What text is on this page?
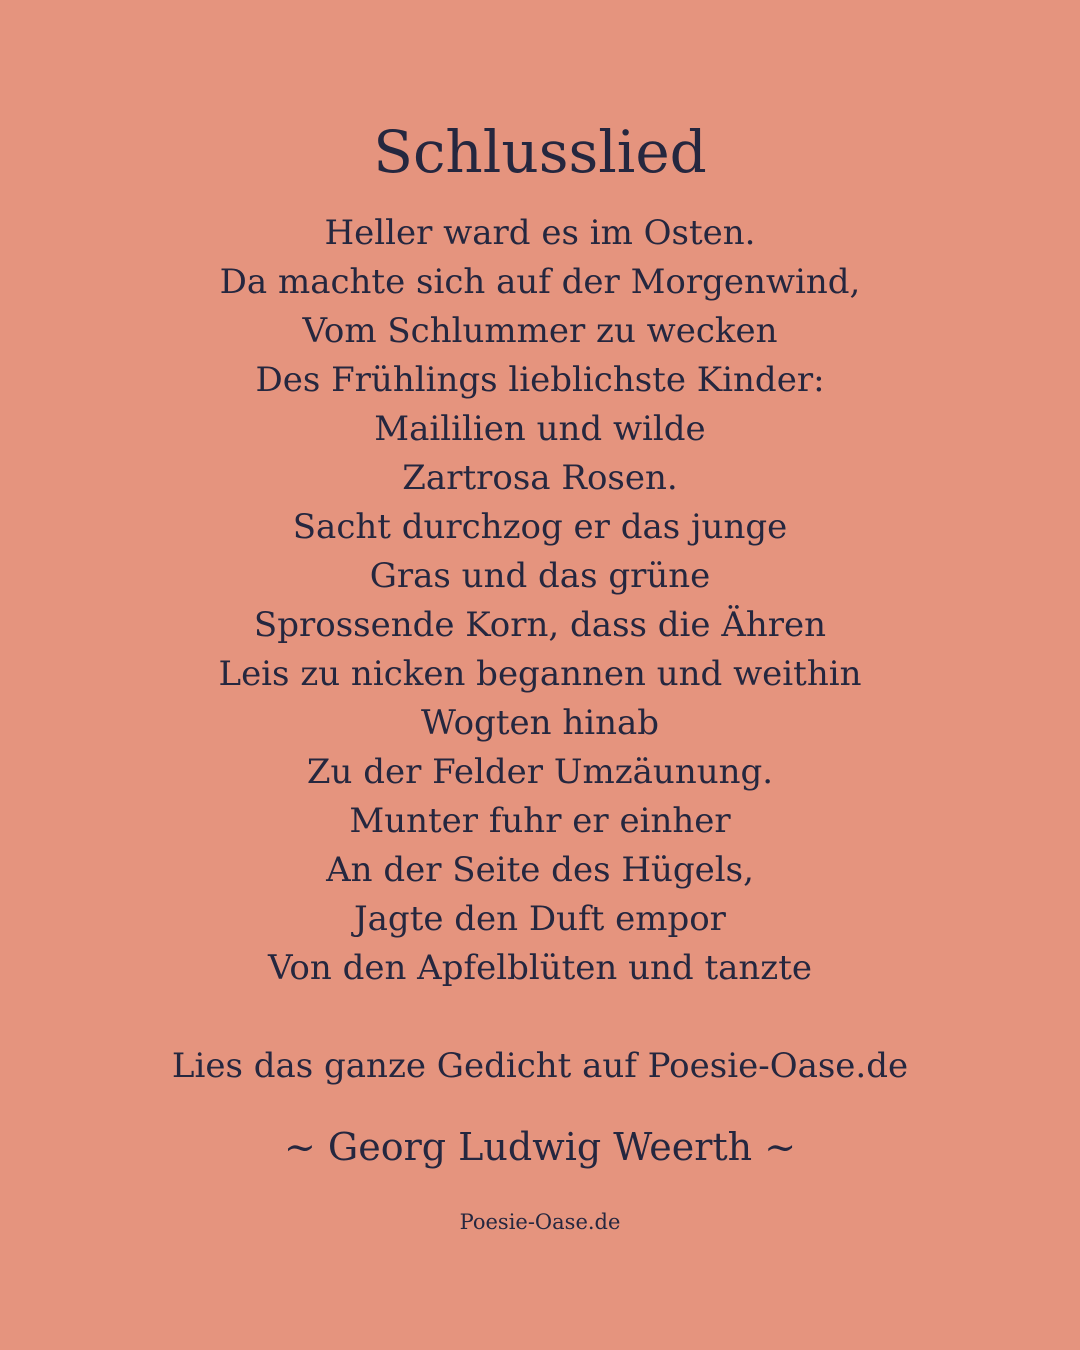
Schlusslied
Heller ward es im Osten.
Da machte sich auf der Morgenwind,
Vom Schlummer zu wecken
Des Frühlings lieblichste Kinder:
Maililien und wilde
Zartrosa Rosen.
Sacht durchzog er das junge
Gras und das grüne
Sprossende Korn, dass die Ähren
Leis zu nicken begannen und weithin
Wogten hinab
Zu der Felder Umzäunung.
Munter fuhr er einher
An der Seite des Hügels,
Jagte den Duft empor
Von den Apfelblüten und tanzte
Lies das ganze Gedicht auf Poesie-Oase.de
~ Georg Ludwig Weerth ~
Poesie-Oase.de
